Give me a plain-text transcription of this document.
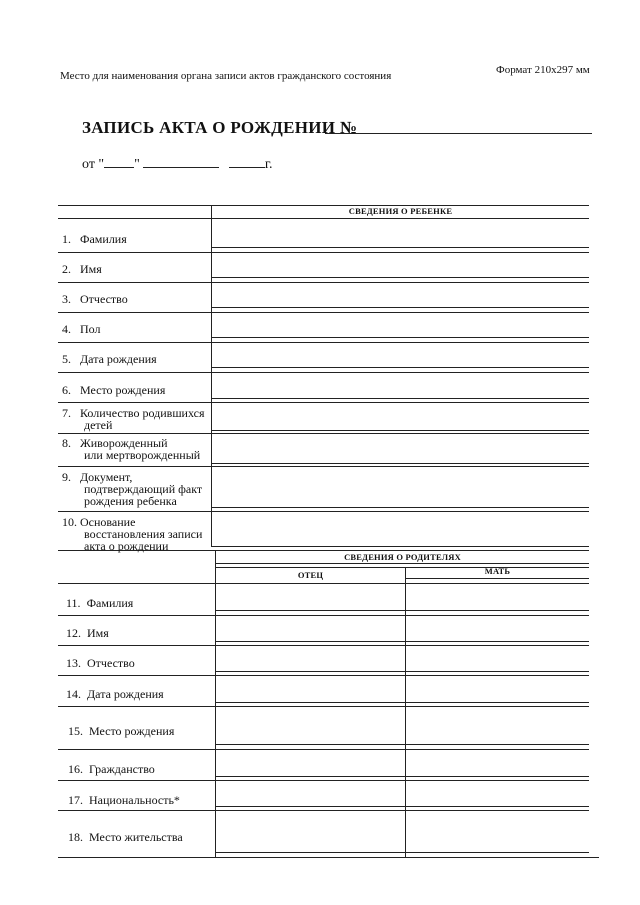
Место для наименования органа записи актов гражданского состояния	Формат 210x297 мм
ЗАПИСЬ АКТА О РОЖДЕНИИ №
от " "	г.
СВЕДЕНИЯ О РЕБЕНКЕ
СВЕДЕНИЯ О РОДИТЕЛЯХ
ОТЕЦ	МАТЬ
1. Фамилия
2. Имя
3. Отчество
4. Пол
5. Дата рождения
6. Место рождения
7. Количество родившихся
детей
8. Живорожденный
или мертворожденный
9. Документ,
подтверждающий факт
рождения ребенка
10. Основание
восстановления записи
акта о рождении
11. Фамилия
12. Имя
13. Отчество
14. Дата рождения
15. Место рождения
16. Гражданство
17. Национальность*
18. Место жительства
